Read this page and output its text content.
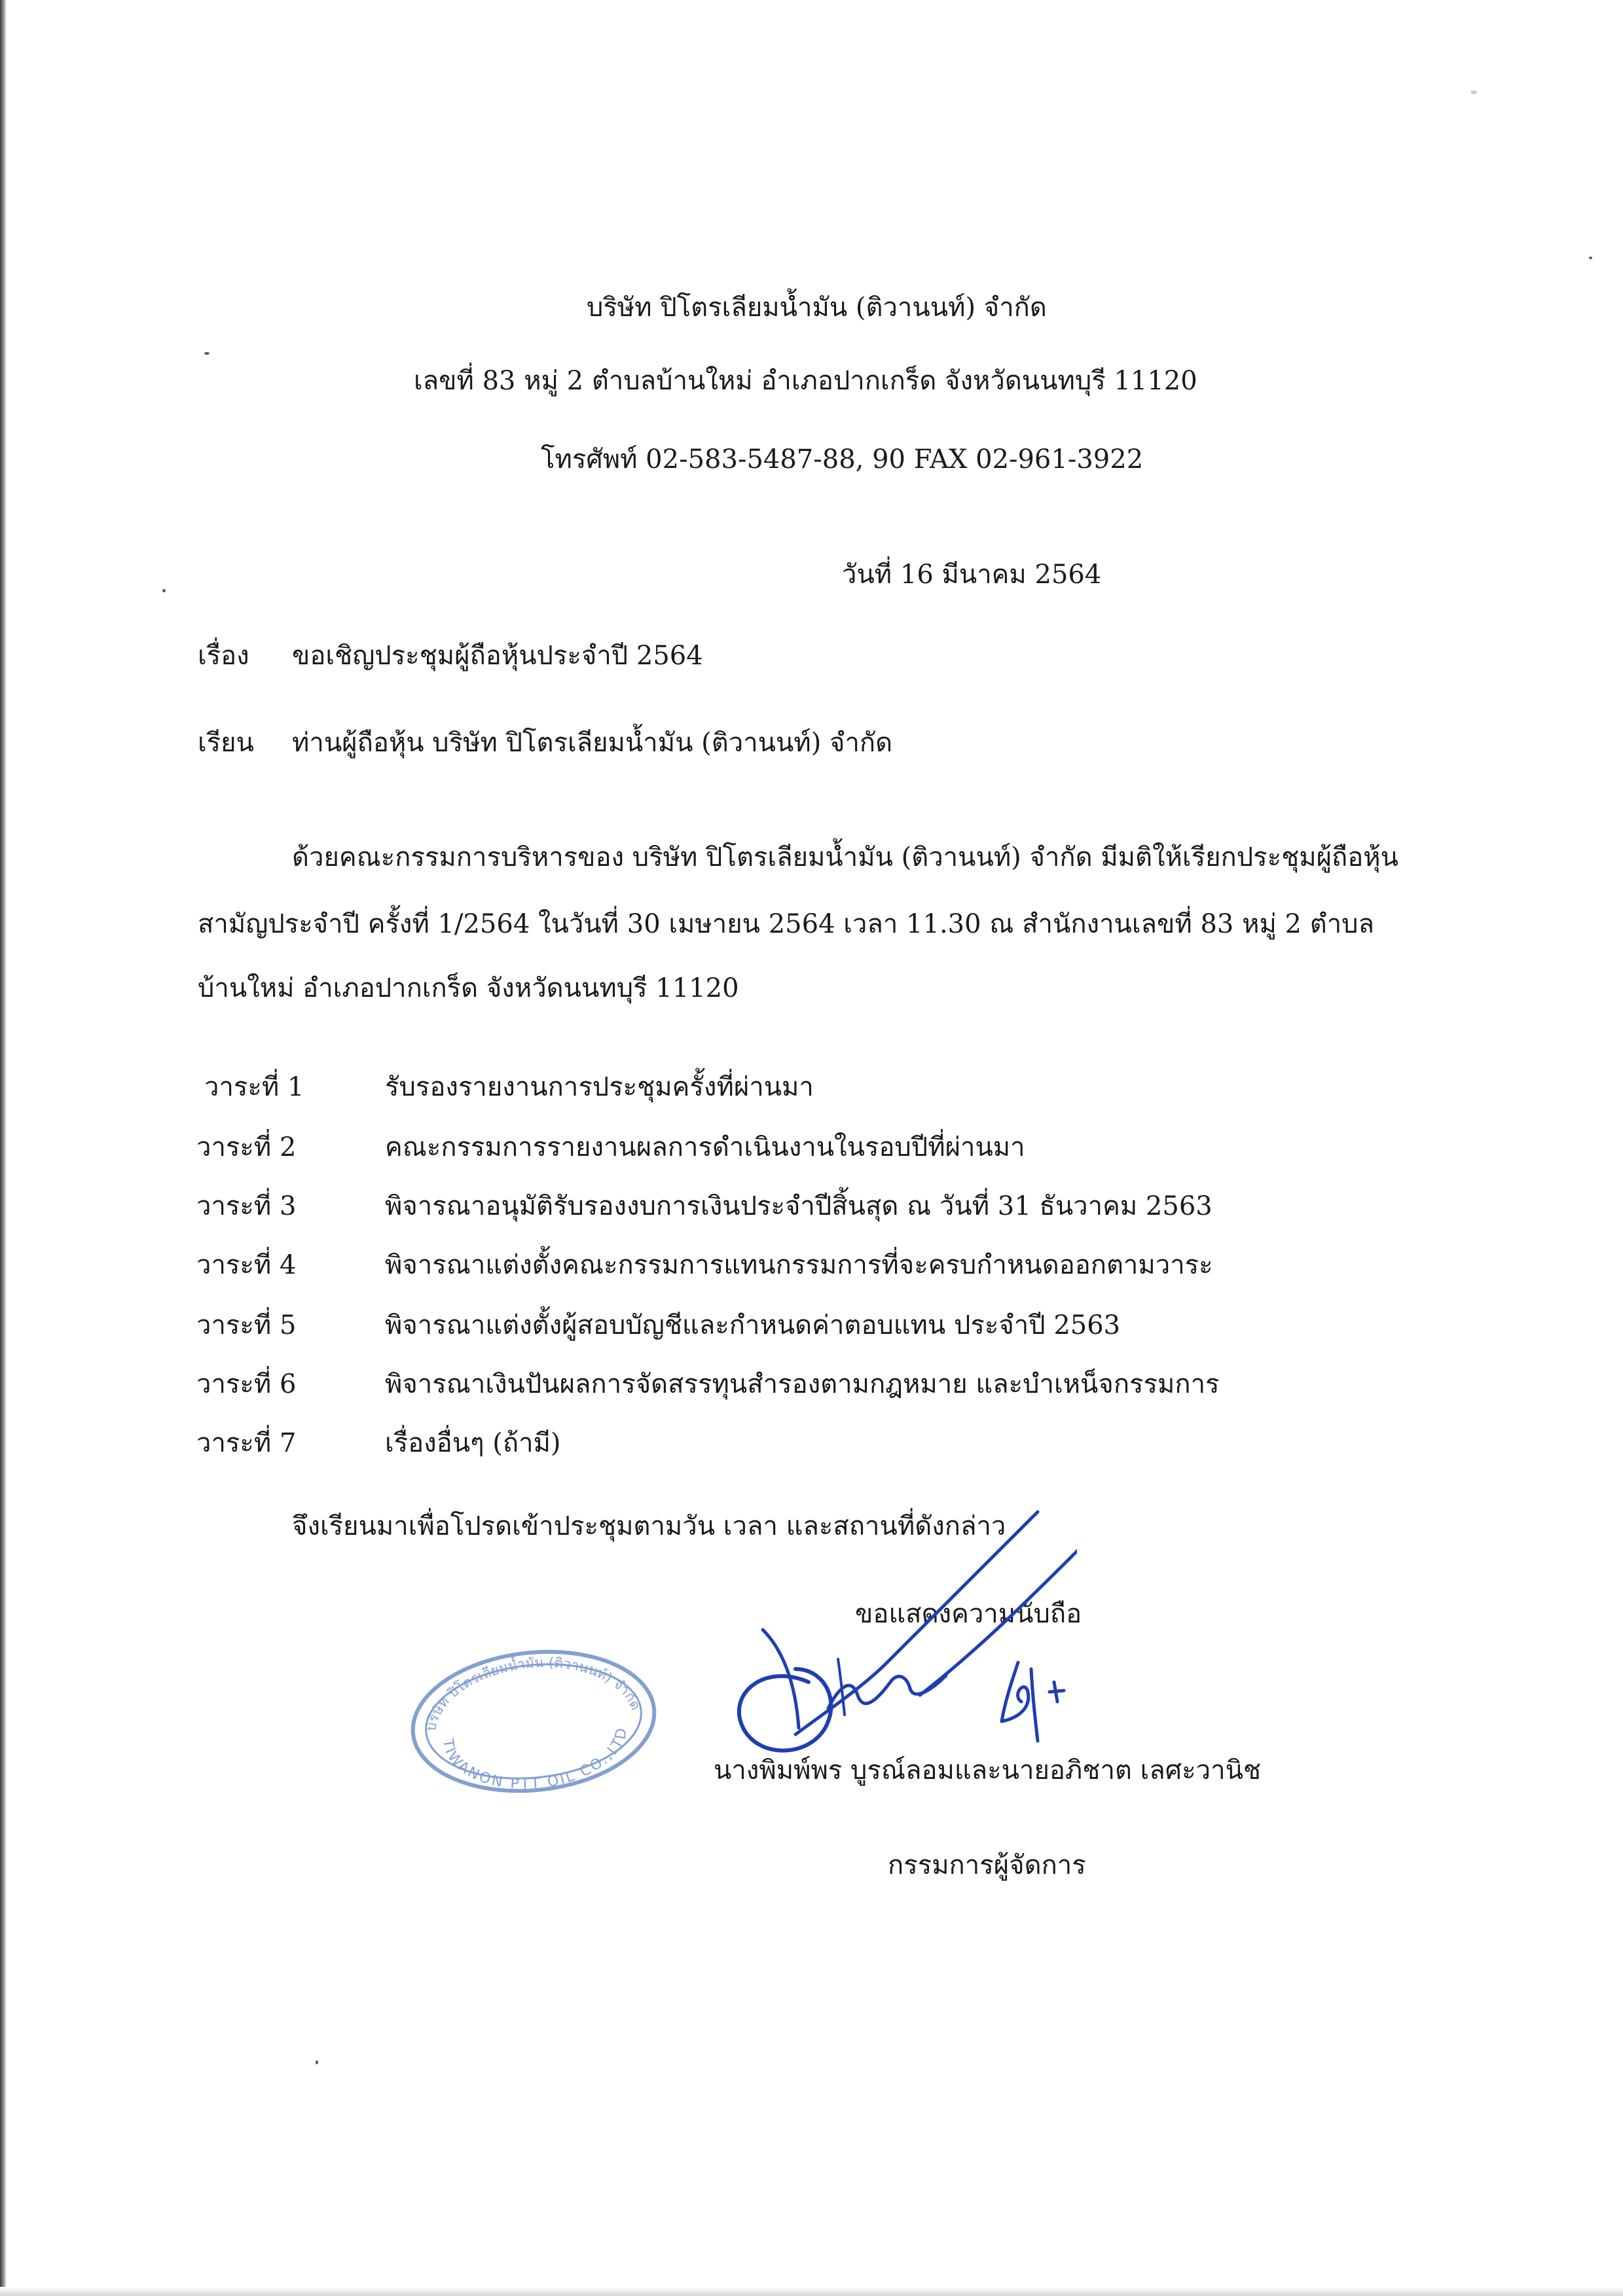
บริษัท ปิโตรเลียมน้ำมัน (ติวานนท์) จำกัด
เลขที่ 83 หมู่ 2 ตำบลบ้านใหม่ อำเภอปากเกร็ด จังหวัดนนทบุรี 11120
โทรศัพท์ 02-583-5487-88, 90 FAX 02-961-3922
วันที่ 16 มีนาคม 2564
เรื่อง ขอเชิญประชุมผู้ถือหุ้นประจำปี 2564
เรียน ท่านผู้ถือหุ้น บริษัท ปิโตรเลียมน้ำมัน (ติวานนท์) จำกัด
ด้วยคณะกรรมการบริหารของ บริษัท ปิโตรเลียมน้ำมัน (ติวานนท์) จำกัด มีมติให้เรียกประชุมผู้ถือหุ้น
สามัญประจำปี ครั้งที่ 1/2564 ในวันที่ 30 เมษายน 2564 เวลา 11.30 ณ สำนักงานเลขที่ 83 หมู่ 2 ตำบล
บ้านใหม่ อำเภอปากเกร็ด จังหวัดนนทบุรี 11120
วาระที่ 1	รับรองรายงานการประชุมครั้งที่ผ่านมา
วาระที่ 2	คณะกรรมการรายงานผลการดำเนินงานในรอบปีที่ผ่านมา
วาระที่ 3	พิจารณาอนุมัติรับรองงบการเงินประจำปีสิ้นสุด ณ วันที่ 31 ธันวาคม 2563
วาระที่ 4	พิจารณาแต่งตั้งคณะกรรมการแทนกรรมการที่จะครบกำหนดออกตามวาระ
วาระที่ 5	พิจารณาแต่งตั้งผู้สอบบัญชีและกำหนดค่าตอบแทน ประจำปี 2563
วาระที่ 6	พิจารณาเงินปันผลการจัดสรรทุนสำรองตามกฎหมาย และบำเหน็จกรรมการ
วาระที่ 7	เรื่องอื่นๆ (ถ้ามี)
จึงเรียนมาเพื่อโปรดเข้าประชุมตามวัน เวลา และสถานที่ดังกล่าว
ขอแสดงความนับถือ
บริษัท ปิโตรเลียมน้ำมัน (ติวานนท์) จำกัด
TIWANON PTT OIL CO.,LTD.
นางพิมพ์พร บูรณ์ลอมและนายอภิชาต เลศะวานิช
กรรมการผู้จัดการ
